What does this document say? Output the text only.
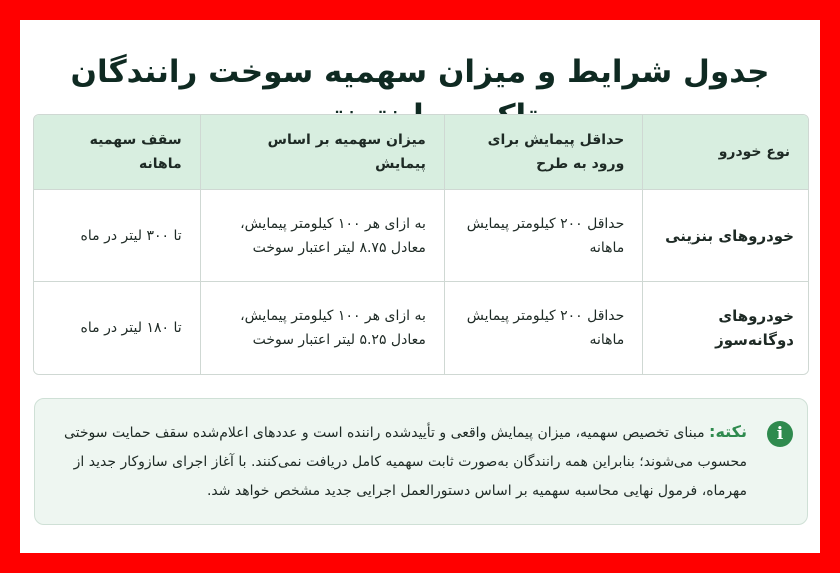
جدول شرایط و میزان سهمیه سوخت رانندگان
نوع خودرو	حداقل پیمایش برای ورود به طرح	میزان سهمیه بر اساس پیمایش	سقف سهمیه ماهانه
خودروهای بنزینی	حداقل ۲۰۰ کیلومتر پیمایش ماهانه	به ازای هر ۱۰۰ کیلومتر پیمایش، معادل ۸.۷۵ لیتر اعتبار سوخت	تا ۳۰۰ لیتر در ماه
خودروهای دوگانه‌سوز	حداقل ۲۰۰ کیلومتر پیمایش ماهانه	به ازای هر ۱۰۰ کیلومتر پیمایش، معادل ۵.۲۵ لیتر اعتبار سوخت	تا ۱۸۰ لیتر در ماه
i

نکته: مبنای تخصیص سهمیه، میزان پیمایش واقعی و تأییدشده راننده است و عددهای اعلام‌شده سقف حمایت سوختی محسوب می‌شوند؛ بنابراین همه رانندگان به‌صورت ثابت سهمیه کامل دریافت نمی‌کنند. با آغاز اجرای سازوکار جدید از مهرماه، فرمول نهایی محاسبه سهمیه بر اساس دستورالعمل اجرایی جدید مشخص خواهد شد.
